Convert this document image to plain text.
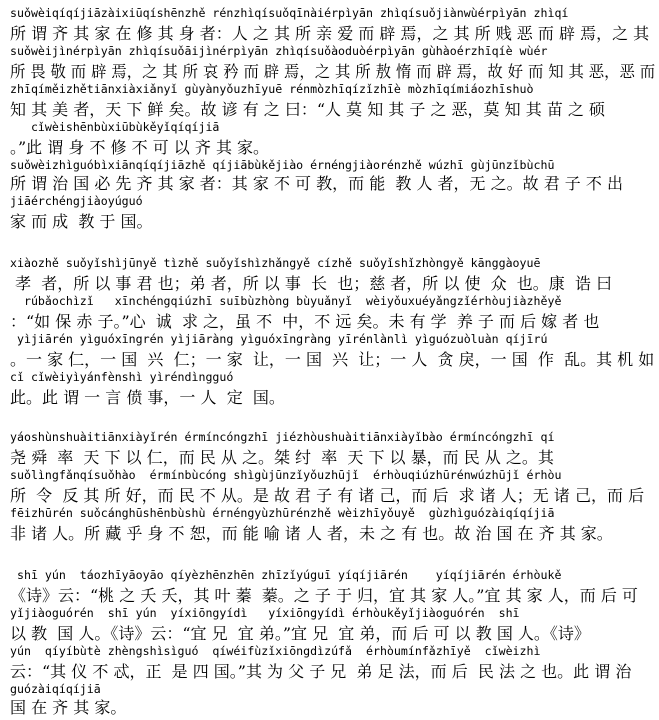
suǒwèiqíqíjiāzàixiūqíshēnzhě rénzhìqísuǒqīnàiérpìyān zhìqísuǒjiànwùérpìyān zhìqí
所 谓 齐 其 家 在 修 其 身 者：人 之 其 所 亲 爱 而 辟 焉，之 其 所 贱 恶 而 辟 焉，之 其
suǒwèijìnérpìyān zhìqísuǒāijìnérpìyān zhìqísuǒàoduòérpìyān gùhàoérzhīqíè wùér
所 畏 敬 而 辟 焉，之 其 所 哀 矜 而 辟 焉，之 其 所 敖 惰 而 辟 焉，故 好 而 知 其 恶，恶 而
zhīqíměizhětiānxiàxiǎnyǐ gùyànyǒuzhīyuē rénmòzhīqízǐzhīè mòzhīqímiáozhīshuò
知 其 美 者，天 下 鲜 矣。故 谚 有 之 曰：“人 莫 知 其 子 之 恶，莫 知 其 苗 之 硕
cǐwèishēnbùxiūbùkěyǐqíqíjiā
。”此 谓 身 不 修 不 可 以 齐 其 家。
suǒwèizhìguóbìxiānqíqíjiāzhě qíjiābùkějiào érnéngjiàorénzhě wúzhī gùjūnzǐbùchū
所 谓 治 国 必 先 齐 其 家 者：其 家 不 可 教，而 能  教 人 者，无 之。故 君 子 不 出
jiāérchéngjiàoyúguó
家 而 成  教 于 国。
xiàozhě suǒyǐshìjūnyě tìzhě suǒyǐshìzhǎngyě cízhě suǒyǐshǐzhòngyě kānggàoyuē
孝  者，所 以 事 君 也；弟 者，所 以 事  长  也；慈 者，所 以 使  众  也。康  诰 曰
rúbǎochìzǐ   xīnchéngqiúzhī suībùzhòng bùyuǎnyǐ  wèiyǒuxuéyǎngzǐérhòujiàzhěyě
：“如 保 赤 子。”心  诚  求 之，虽 不  中，不 远 矣。未 有 学  养 子 而 后 嫁 者 也
yìjiārén yìguóxīngrén yìjiāràng yìguóxīngràng yīrénlànlì yìguózuòluàn qíjīrú
。一 家 仁，一 国  兴  仁；一 家  让，一 国  兴  让；一 人  贪 戾，一 国  作  乱。其 机 如
cǐ cǐwèiyìyánfènshì yìréndìngguó
此。此 谓 一 言 偾 事，一 人  定  国。
yáoshùnshuàitiānxiàyǐrén érmíncóngzhī jiézhòushuàitiānxiàyǐbào érmíncóngzhī qí
尧 舜  率  天 下 以 仁，而 民 从 之。桀 纣  率  天 下 以 暴，而 民 从 之。其
suǒlìngfǎnqísuǒhào  érmínbùcóng shìgùjūnzǐyǒuzhūjǐ  érhòuqiúzhūrénwúzhūjǐ érhòu
所  令  反 其 所 好，而 民 不 从。是 故 君 子 有 诸 己，而 后  求 诸 人；无 诸 己，而 后
fēizhūrén suǒcánghūshēnbùshù érnéngyùzhūrénzhě wèizhīyǒuyě  gùzhìguózàiqíqíjiā
非 诸 人。所 藏 乎 身 不 恕，而 能 喻 诸 人 者，未 之 有 也。故 治 国 在 齐 其 家。
shī yún  táozhīyāoyāo qíyèzhēnzhēn zhīzǐyúguī yíqíjiārén    yíqíjiārén érhòukě
《诗》云：“桃 之 夭 夭，其 叶 蓁  蓁。之 子 于 归，宜 其 家 人。”宜 其 家 人，而 后 可
yǐjiàoguórén  shī yún  yíxiōngyídì   yíxiōngyídì érhòukěyǐjiàoguórén  shī
以 教  国 人。《诗》云：“宜 兄  宜 弟。”宜 兄  宜 弟，而 后 可 以 教 国 人。《诗》
yún  qíyíbùtè zhèngshìsìguó  qíwéifùzǐxiōngdìzúfǎ  érhòumínfǎzhīyě  cǐwèizhì
云：“其 仪 不 忒，正  是 四 国。”其 为 父 子 兄  弟 足 法，而 后  民 法 之 也。此 谓 治
guózàiqíqíjiā
国 在 齐 其 家。
